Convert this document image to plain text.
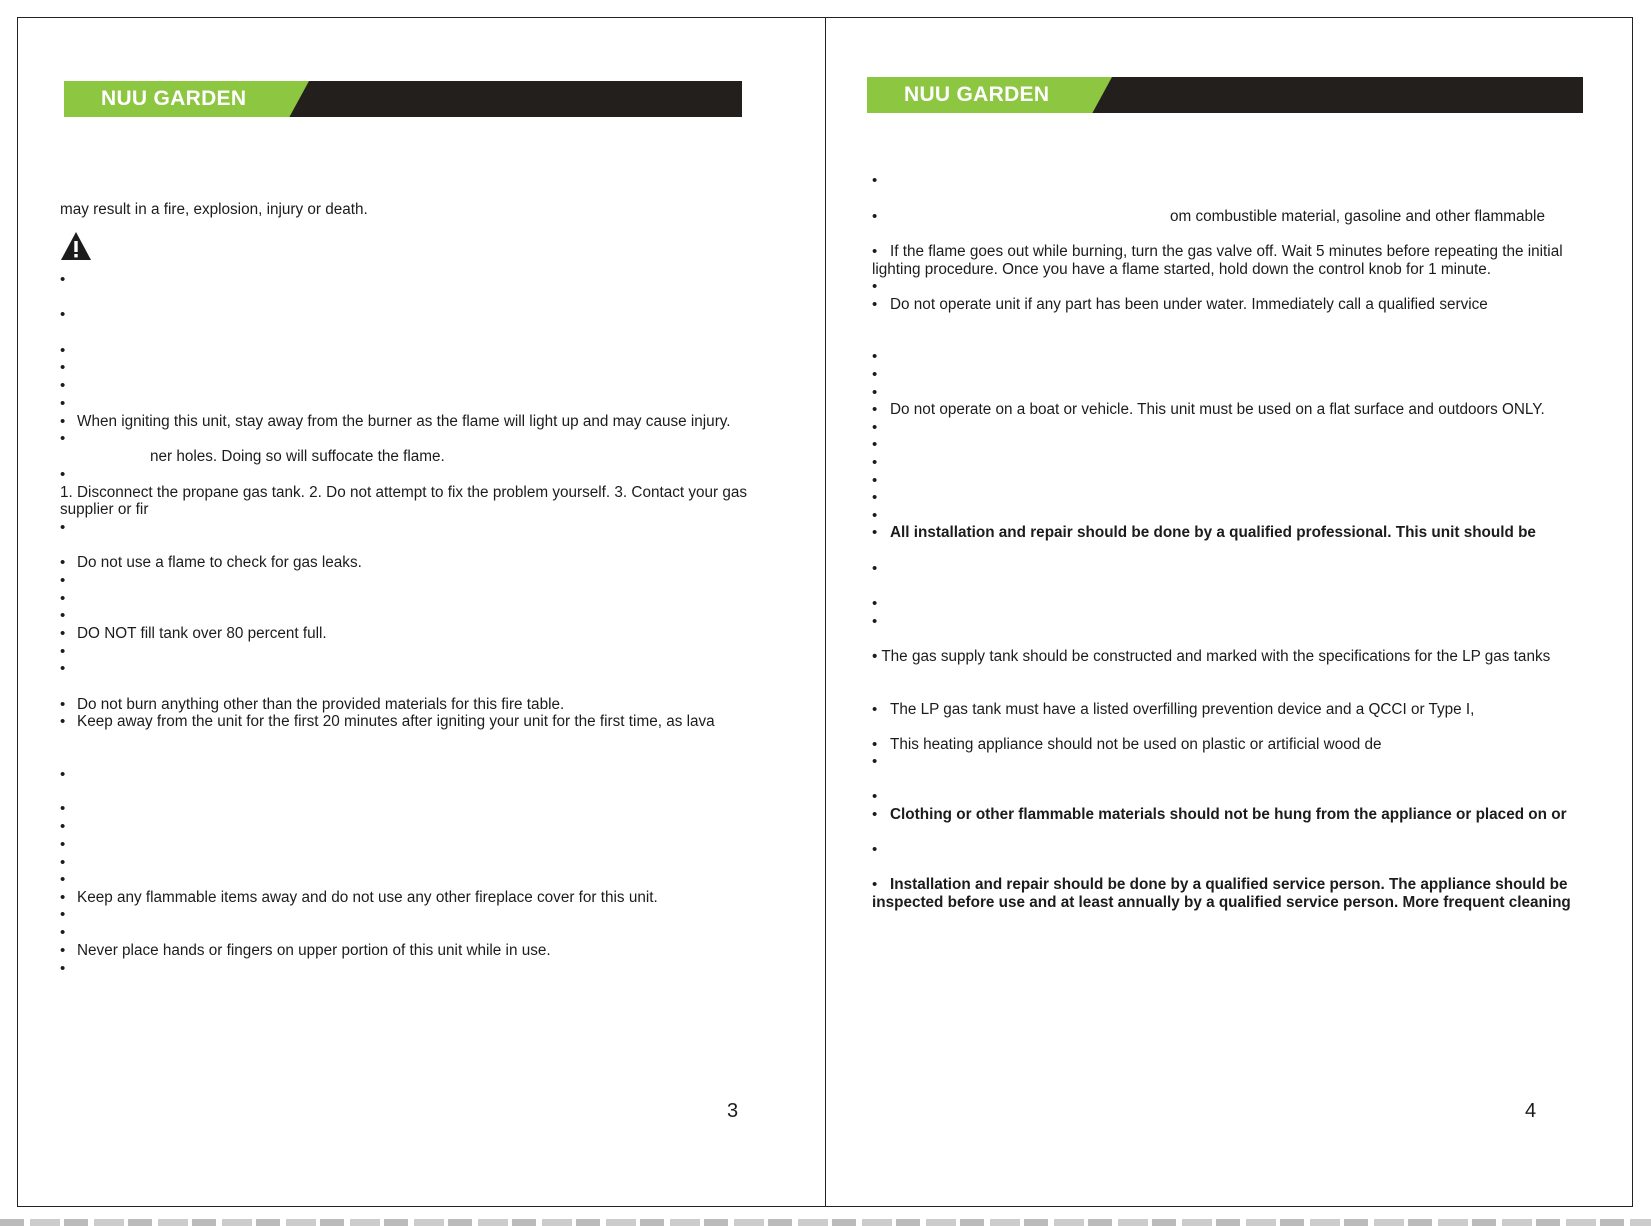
NUU GARDEN
may result in a fire, explosion, injury or death.
•
•
•
•
•
•
• When igniting this unit, stay away from the burner as the flame will light up and may cause injury.
•
ner holes. Doing so will suffocate the flame.
•
1. Disconnect the propane gas tank. 2. Do not attempt to fix the problem yourself. 3. Contact your gas
supplier or fir
•
• Do not use a flame to check for gas leaks.
•
•
•
• DO NOT fill tank over 80 percent full.
•
•
• Do not burn anything other than the provided materials for this fire table.
• Keep away from the unit for the first 20 minutes after igniting your unit for the first time, as lava
•
•
•
•
•
•
• Keep any flammable items away and do not use any other fireplace cover for this unit.
•
•
• Never place hands or fingers on upper portion of this unit while in use.
•
3
NUU GARDEN
•
•	om combustible material, gasoline and other flammable
• If the flame goes out while burning, turn the gas valve off. Wait 5 minutes before repeating the initial
lighting procedure. Once you have a flame started, hold down the control knob for 1 minute.
•
• Do not operate unit if any part has been under water. Immediately call a qualified service
•
•
•
• Do not operate on a boat or vehicle. This unit must be used on a flat surface and outdoors ONLY.
•
•
•
•
•
•
• All installation and repair should be done by a qualified professional. This unit should be
•
•
•
• The gas supply tank should be constructed and marked with the specifications for the LP gas tanks
• The LP gas tank must have a listed overfilling prevention device and a QCCI or Type I,
• This heating appliance should not be used on plastic or artificial wood de
•
•
• Clothing or other flammable materials should not be hung from the appliance or placed on or
•
• Installation and repair should be done by a qualified service person. The appliance should be
inspected before use and at least annually by a qualified service person. More frequent cleaning
4
